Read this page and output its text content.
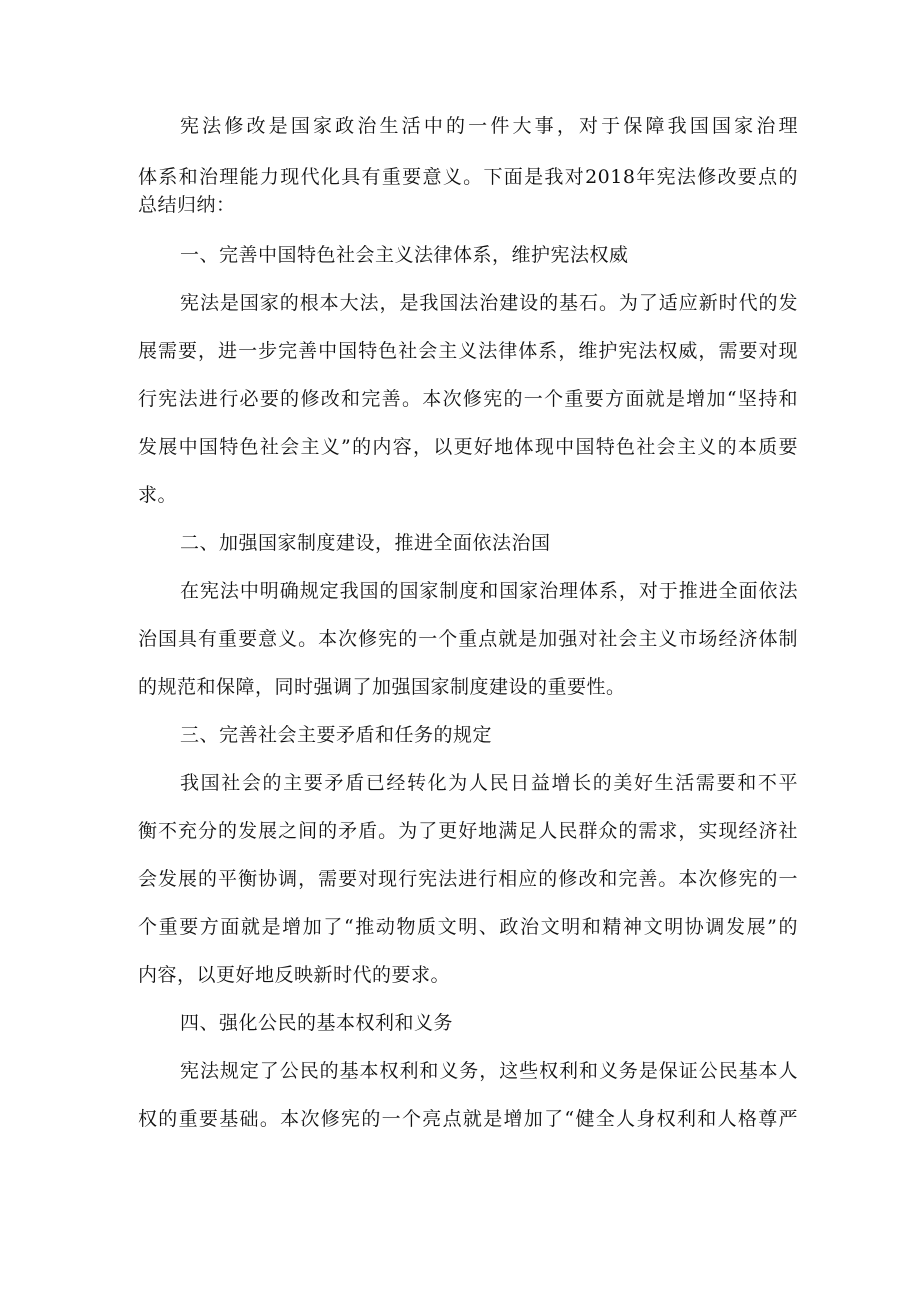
宪法修改是国家政治生活中的一件大事，对于保障我国国家治理
体系和治理能力现代化具有重要意义。下面是我对2018年宪法修改要点的
总结归纳：
一、完善中国特色社会主义法律体系，维护宪法权威
宪法是国家的根本大法，是我国法治建设的基石。为了适应新时代的发
展需要，进一步完善中国特色社会主义法律体系，维护宪法权威，需要对现
行宪法进行必要的修改和完善。本次修宪的一个重要方面就是增加“坚持和
发展中国特色社会主义”的内容，以更好地体现中国特色社会主义的本质要
求。
二、加强国家制度建设，推进全面依法治国
在宪法中明确规定我国的国家制度和国家治理体系，对于推进全面依法
治国具有重要意义。本次修宪的一个重点就是加强对社会主义市场经济体制
的规范和保障，同时强调了加强国家制度建设的重要性。
三、完善社会主要矛盾和任务的规定
我国社会的主要矛盾已经转化为人民日益增长的美好生活需要和不平
衡不充分的发展之间的矛盾。为了更好地满足人民群众的需求，实现经济社
会发展的平衡协调，需要对现行宪法进行相应的修改和完善。本次修宪的一
个重要方面就是增加了“推动物质文明、政治文明和精神文明协调发展”的
内容，以更好地反映新时代的要求。
四、强化公民的基本权利和义务
宪法规定了公民的基本权利和义务，这些权利和义务是保证公民基本人
权的重要基础。本次修宪的一个亮点就是增加了“健全人身权利和人格尊严
